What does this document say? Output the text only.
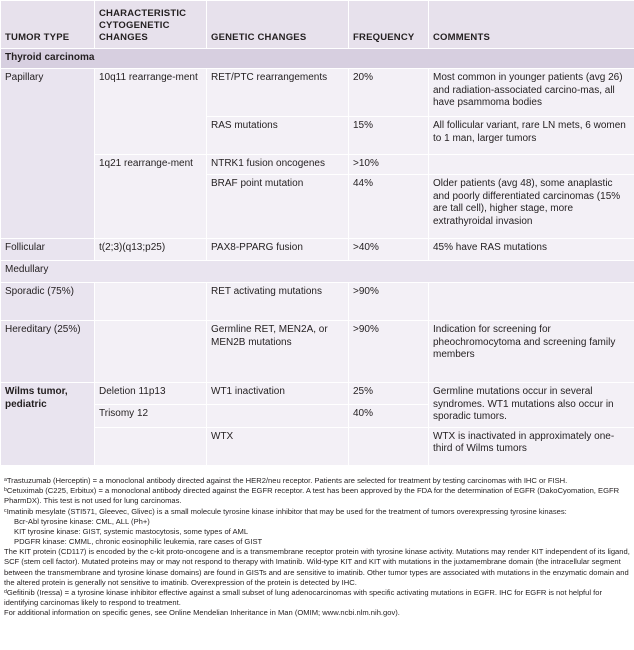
TUMOR TYPE	CHARACTERISTIC CYTOGENETIC CHANGES	GENETIC CHANGES	FREQUENCY	COMMENTS
Thyroid carcinoma				
Papillary	10q11 rearrange-ment	RET/PTC rearrangements	20%	Most common in younger patients (avg 26) and radiation-associated carcino-mas, all have psammoma bodies
		RAS mutations	15%	All follicular variant, rare LN mets, 6 women to 1 man, larger tumors
	1q21 rearrange-ment	NTRK1 fusion oncogenes	>10%	
		BRAF point mutation	44%	Older patients (avg 48), some anaplastic and poorly differentiated carcinomas (15% are tall cell), higher stage, more extrathyroidal invasion
Follicular	t(2;3)(q13;p25)	PAX8-PPARG fusion	>40%	45% have RAS mutations
Medullary				
Sporadic (75%)		RET activating mutations	>90%	
Hereditary (25%)		Germline RET, MEN2A, or MEN2B mutations	>90%	Indication for screening for pheochromocytoma and screening family members
Wilms tumor, pediatric	Deletion 11p13	WT1 inactivation	25%	Germline mutations occur in several syndromes. WT1 mutations also occur in sporadic tumors.
	Trisomy 12		40%	
		WTX		WTX is inactivated in approximately one-third of Wilms tumors

ᵃTrastuzumab (Herceptin) = a monoclonal antibody directed against the HER2/neu receptor. Patients are selected for treatment by testing carcinomas with IHC or FISH.

ᵇCetuximab (C225, Erbitux) = a monoclonal antibody directed against the EGFR receptor. A test has been approved by the FDA for the determination of EGFR (DakoCyomation, EGFR PharmDX). This test is not used for lung carcinomas.

ᶜImatinib mesylate (STI571, Gleevec, Glivec) is a small molecule tyrosine kinase inhibitor that may be used for the treatment of tumors overexpressing tyrosine kinases:

Bcr-Abl tyrosine kinase: CML, ALL (Ph+)

KIT tyrosine kinase: GIST, systemic mastocytosis, some types of AML

PDGFR kinase: CMML, chronic eosinophilic leukemia, rare cases of GIST

The KIT protein (CD117) is encoded by the c-kit proto-oncogene and is a transmembrane receptor protein with tyrosine kinase activity. Mutations may render KIT independent of its ligand, SCF (stem cell factor). Mutated proteins may or may not respond to therapy with Imatinib. Wild-type KIT and KIT with mutations in the juxtamembrane domain (the intracellular segment between the transmembrane and tyrosine kinase domains) are found in GISTs and are sensitive to imatinib. Other tumor types are associated with mutations in the enzymatic domain and the altered protein is generally not sensitive to imatinib. Overexpression of the protein is detected by IHC.

ᵈGefitinib (Iressa) = a tyrosine kinase inhibitor effective against a small subset of lung adenocarcinomas with specific activating mutations in EGFR. IHC for EGFR is not helpful for identifying carcinomas likely to respond to treatment.

For additional information on specific genes, see Online Mendelian Inheritance in Man (OMIM; www.ncbi.nlm.nih.gov).
